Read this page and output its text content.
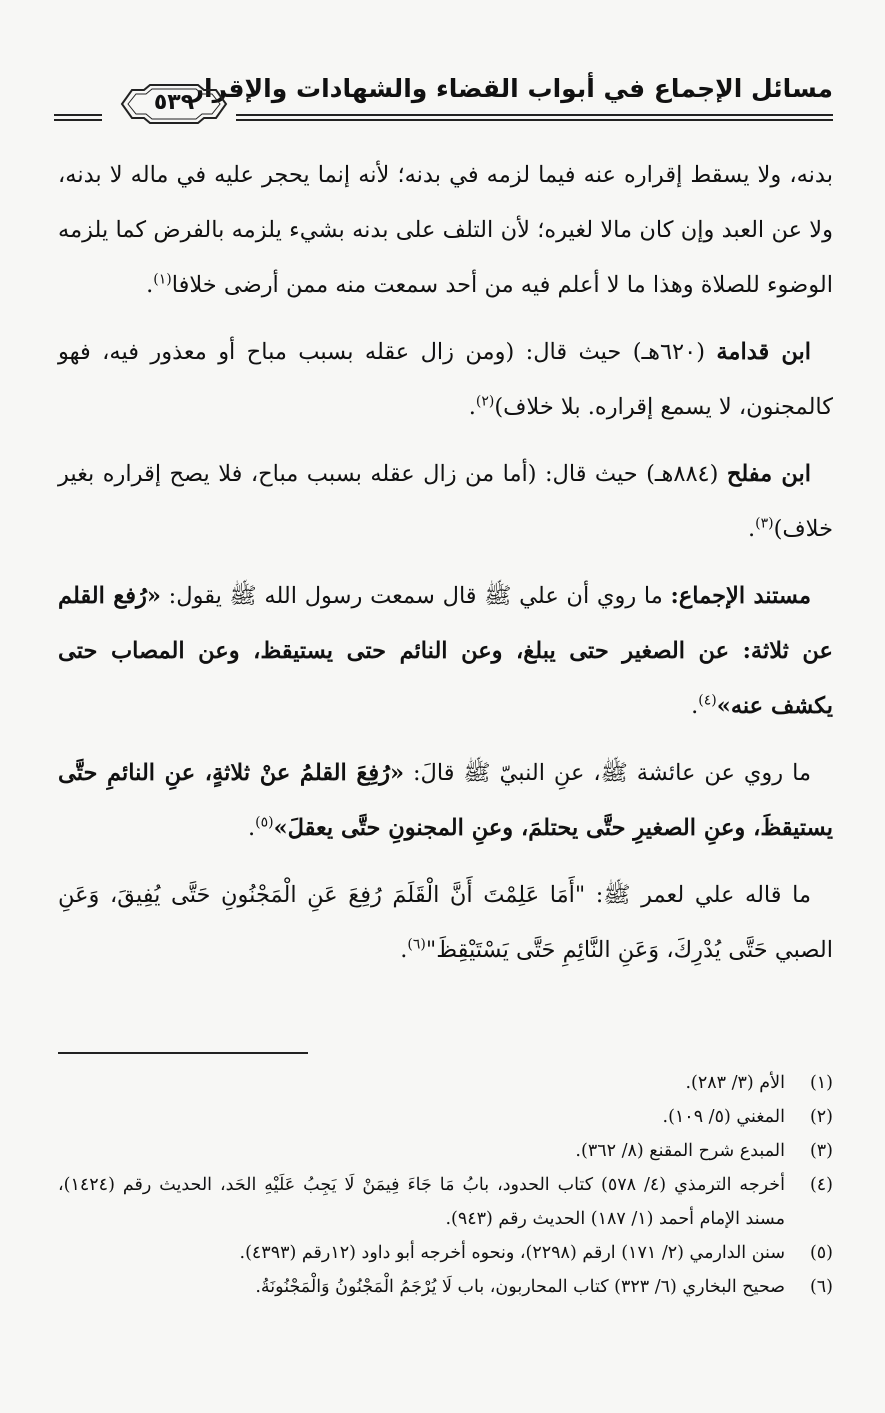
مسائل الإجماع في أبواب القضاء والشهادات والإقرار
٥٣٩

بدنه، ولا يسقط إقراره عنه فيما لزمه في بدنه؛ لأنه إنما يحجر عليه في ماله لا بدنه، ولا عن العبد وإن كان مالا لغيره؛ لأن التلف على بدنه بشيء يلزمه بالفرض كما يلزمه الوضوء للصلاة وهذا ما لا أعلم فيه من أحد سمعت منه ممن أرضى خلافا$^{(١)}$.

ابن قدامة (٦٢٠هـ) حيث قال: (ومن زال عقله بسبب مباح أو معذور فيه، فهو كالمجنون، لا يسمع إقراره. بلا خلاف)$^{(٢)}$.

ابن مفلح (٨٨٤هـ) حيث قال: (أما من زال عقله بسبب مباح، فلا يصح إقراره بغير خلاف)$^{(٣)}$.

مستند الإجماع: ما روي أن علي ﷺ قال سمعت رسول الله ﷺ يقول: «رُفع القلم عن ثلاثة: عن الصغير حتى يبلغ، وعن النائم حتى يستيقظ، وعن المصاب حتى يكشف عنه»$^{(٤)}$.

ما روي عن عائشة ﷺ، عنِ النبيّ ﷺ قالَ: «رُفِعَ القلمُ عنْ ثلاثةٍ، عنِ النائمِ حتَّى يستيقظَ، وعنِ الصغيرِ حتَّى يحتلمَ، وعنِ المجنونِ حتَّى يعقلَ»$^{(٥)}$.

ما قاله علي لعمر ﷺ: "أَمَا عَلِمْتَ أَنَّ الْقَلَمَ رُفِعَ عَنِ الْمَجْنُونِ حَتَّى يُفِيقَ، وَعَنِ الصبي حَتَّى يُدْرِكَ، وَعَنِ النَّائِمِ حَتَّى يَسْتَيْقِظَ"$^{(٦)}$.

(١)
الأم (٣/ ٢٨٣).
(٢)
المغني (٥/ ١٠٩).
(٣)
المبدع شرح المقنع (٨/ ٣٦٢).
(٤)
أخرجه الترمذي (٤/ ٥٧٨) كتاب الحدود، بابُ مَا جَاءَ فِيمَنْ لَا يَجِبُ عَلَيْهِ الحَد، الحديث رقم (١٤٢٤)، مسند الإمام أحمد (١/ ١٨٧) الحديث رقم (٩٤٣).
(٥)
سنن الدارمي (٢/ ١٧١) ارقم (٢٢٩٨)، ونحوه أخرجه أبو داود (١٢رقم (٤٣٩٣).
(٦)
صحيح البخاري (٦/ ٣٢٣) كتاب المحاربون، باب لَا يُرْجَمُ الْمَجْنُونُ وَالْمَجْنُونَةُ.
